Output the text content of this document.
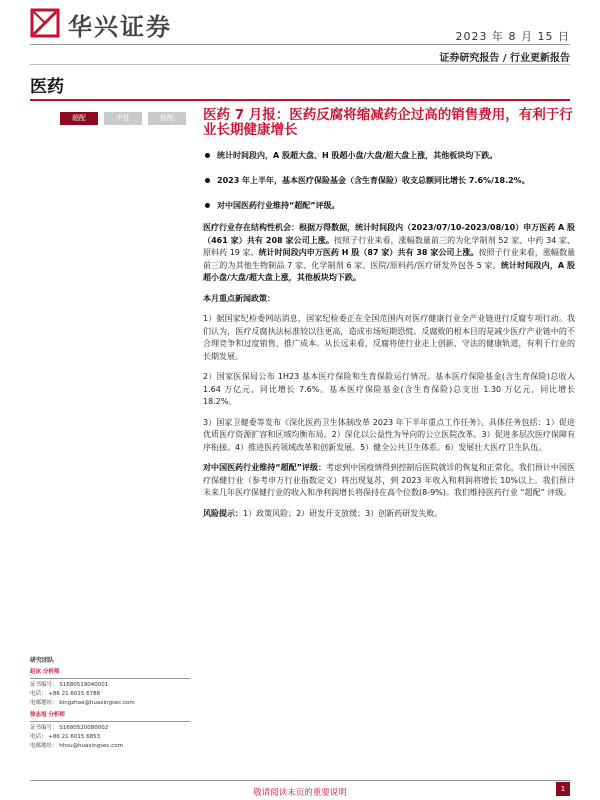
华兴证券	2023 年 8 月 15 日
证券研究报告 / 行业更新报告
医药
超配	中性	低配	医药 7 月报：医药反腐将缩减药企过高的销售费用，有利于行业长期健康增长
统计时间段内，A 股超大盘、H 股超小盘/大盘/超大盘上涨，其他板块均下跌。
2023 年上半年，基本医疗保险基金（含生育保险）收支总额同比增长 7.6%/18.2%。
对中国医药行业维持“超配”评级。

医疗行业存在结构性机会：根据万得数据，统计时间段内（2023/07/10-2023/08/10）申万医药 A 股（461 家）共有 208 家公司上涨。按照子行业来看，涨幅数量前三的为化学制剂 52 家、中药 34 家、原料药 19 家。统计时间段内申万医药 H 股（87 家）共有 38 家公司上涨。按照子行业来看，涨幅数量前三的为其他生物制品 7 家、化学制剂 6 家、医院/原料药/医疗研发外包各 5 家。统计时间段内，A 股超小盘/大盘/超大盘上涨，其他板块均下跌。

本月重点新闻政策：

1）据国家纪检委网站消息，国家纪检委正在全国范围内对医疗健康行业全产业链进行反腐专项行动。我们认为，医疗反腐执法标准较以往更高，造成市场短期恐慌。反腐败的根本目的是减少医疗产业链中的不合理竞争和过度销售、推广成本。从长远来看，反腐将使行业走上创新、守法的健康轨道，有利于行业的长期发展。

2）国家医保局公布 1H23 基本医疗保险和生育保险运行情况。基本医疗保险基金(含生育保险)总收入 1.64 万亿元，同比增长 7.6%。基本医疗保险基金(含生育保险)总支出 1.30 万亿元，同比增长 18.2%。

3）国家卫健委等发布《深化医药卫生体制改革 2023 年下半年重点工作任务》。具体任务包括：1）促进优质医疗资源扩容和区域均衡布局。2）深化以公益性为导向的公立医院改革。3）促进多层次医疗保障有序衔接。4）推进医药领域改革和创新发展。5）健全公共卫生体系。6）发展壮大医疗卫生队伍。

对中国医药行业维持“超配”评级：考虑到中国疫情得到控制后医院就诊的恢复和正常化，我们预计中国医疗保健行业（参考申万行业指数定义）将出现复苏，到 2023 年收入和利润将增长 10%以上。我们预计未来几年医疗保健行业的收入和净利润增长将保持在高个位数(8-9%)。我们维持医药行业 “超配” 评级。

风险提示：1）政策风险；2）研发开支放缓；3）创新药研发失败。

研究团队
赵冰 分析师
证书编号： S1680519040001
电话： +86 21 6015 6788
电邮地址： bingzhao@huaxingsec.com
徐志旭 分析师
证书编号： S1680520080002
电话： +86 21 6015 6853
电邮地址： hhsu@huaxingsec.com
敬请阅读末页的重要说明	1
